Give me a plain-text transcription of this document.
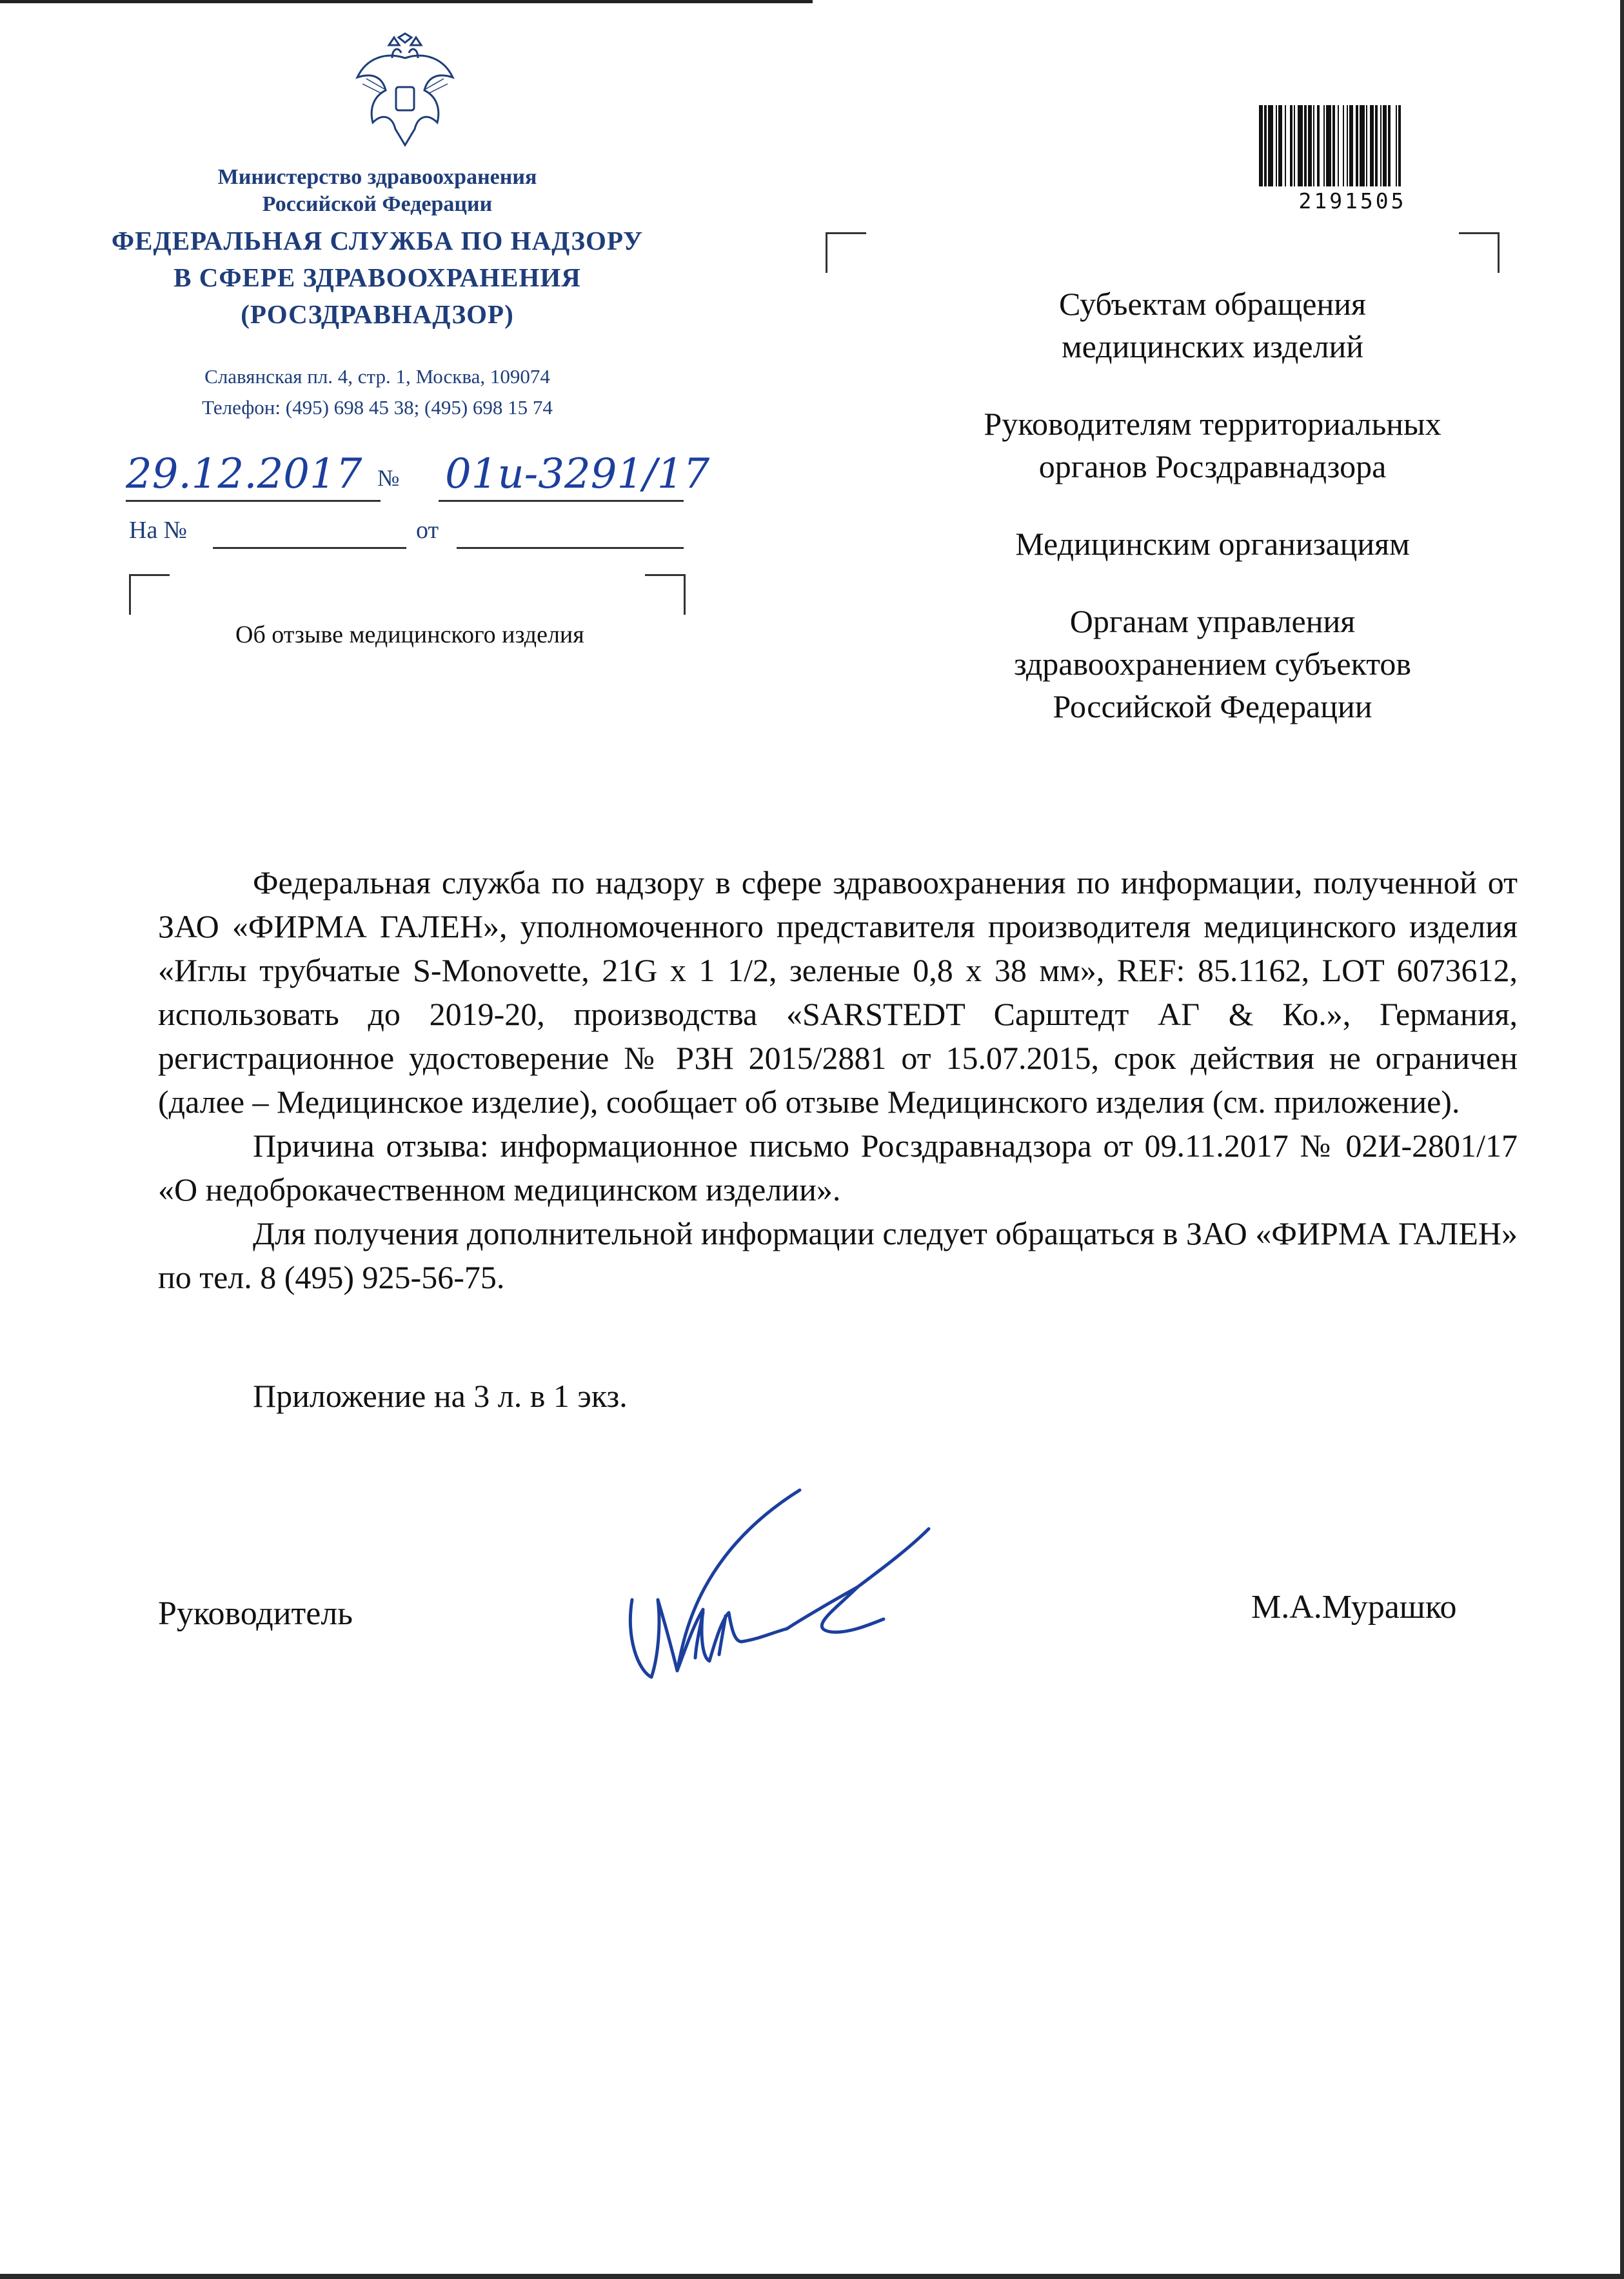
Министерство здравоохранения
Российской Федерации
ФЕДЕРАЛЬНАЯ СЛУЖБА ПО НАДЗОРУ
В СФЕРЕ ЗДРАВООХРАНЕНИЯ
(РОСЗДРАВНАДЗОР)
Славянская пл. 4, стр. 1, Москва, 109074
Телефон: (495) 698 45 38; (495) 698 15 74
29.12.2017 № 01и-3291/17
На №	от
Об отзыве медицинского изделия
2191505

Субъектам обращения
медицинских изделий

Руководителям территориальных
органов Росздравнадзора

Медицинским организациям

Органам управления
здравоохранением субъектов
Российской Федерации

Федеральная служба по надзору в сфере здравоохранения по информации, полученной от ЗАО «ФИРМА ГАЛЕН», уполномоченного представителя производителя медицинского изделия «Иглы трубчатые S-Monovette, 21G x 1 1/2, зеленые 0,8 x 38 мм», REF: 85.1162, LOT 6073612, использовать до 2019-20, производства «SARSTEDT Сарштедт АГ & Ко.», Германия, регистрационное удостоверение № РЗН 2015/2881 от 15.07.2015, срок действия не ограничен (далее – Медицинское изделие), сообщает об отзыве Медицинского изделия (см. приложение).

Причина отзыва: информационное письмо Росздравнадзора от 09.11.2017 № 02И-2801/17 «О недоброкачественном медицинском изделии».

Для получения дополнительной информации следует обращаться в ЗАО «ФИРМА ГАЛЕН» по тел. 8 (495) 925-56-75.

Приложение на 3 л. в 1 экз.
Руководитель	М.А.Мурашко
